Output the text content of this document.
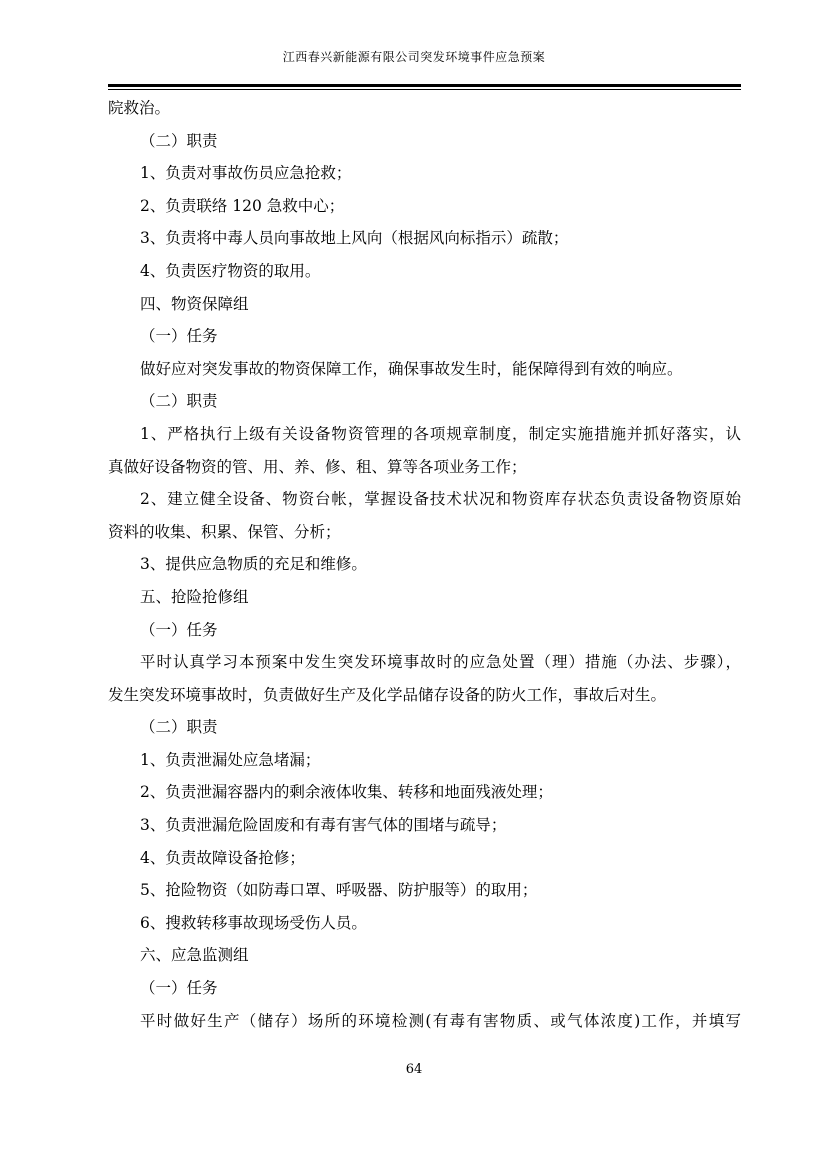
江西春兴新能源有限公司突发环境事件应急预案
院救治。
（二）职责
1、负责对事故伤员应急抢救；
2、负责联络 120 急救中心；
3、负责将中毒人员向事故地上风向（根据风向标指示）疏散；
4、负责医疗物资的取用。
四、物资保障组
（一）任务
做好应对突发事故的物资保障工作，确保事故发生时，能保障得到有效的响应。
（二）职责
1、严格执行上级有关设备物资管理的各项规章制度，制定实施措施并抓好落实，认
真做好设备物资的管、用、养、修、租、算等各项业务工作；
2、建立健全设备、物资台帐，掌握设备技术状况和物资库存状态负责设备物资原始
资料的收集、积累、保管、分析；
3、提供应急物质的充足和维修。
五、抢险抢修组
（一）任务
平时认真学习本预案中发生突发环境事故时的应急处置（理）措施（办法、步骤），
发生突发环境事故时，负责做好生产及化学品储存设备的防火工作，事故后对生。
（二）职责
1、负责泄漏处应急堵漏；
2、负责泄漏容器内的剩余液体收集、转移和地面残液处理；
3、负责泄漏危险固废和有毒有害气体的围堵与疏导；
4、负责故障设备抢修；
5、抢险物资（如防毒口罩、呼吸器、防护服等）的取用；
6、搜救转移事故现场受伤人员。
六、应急监测组
（一）任务
平时做好生产（储存）场所的环境检测(有毒有害物质、或气体浓度)工作，并填写
64
